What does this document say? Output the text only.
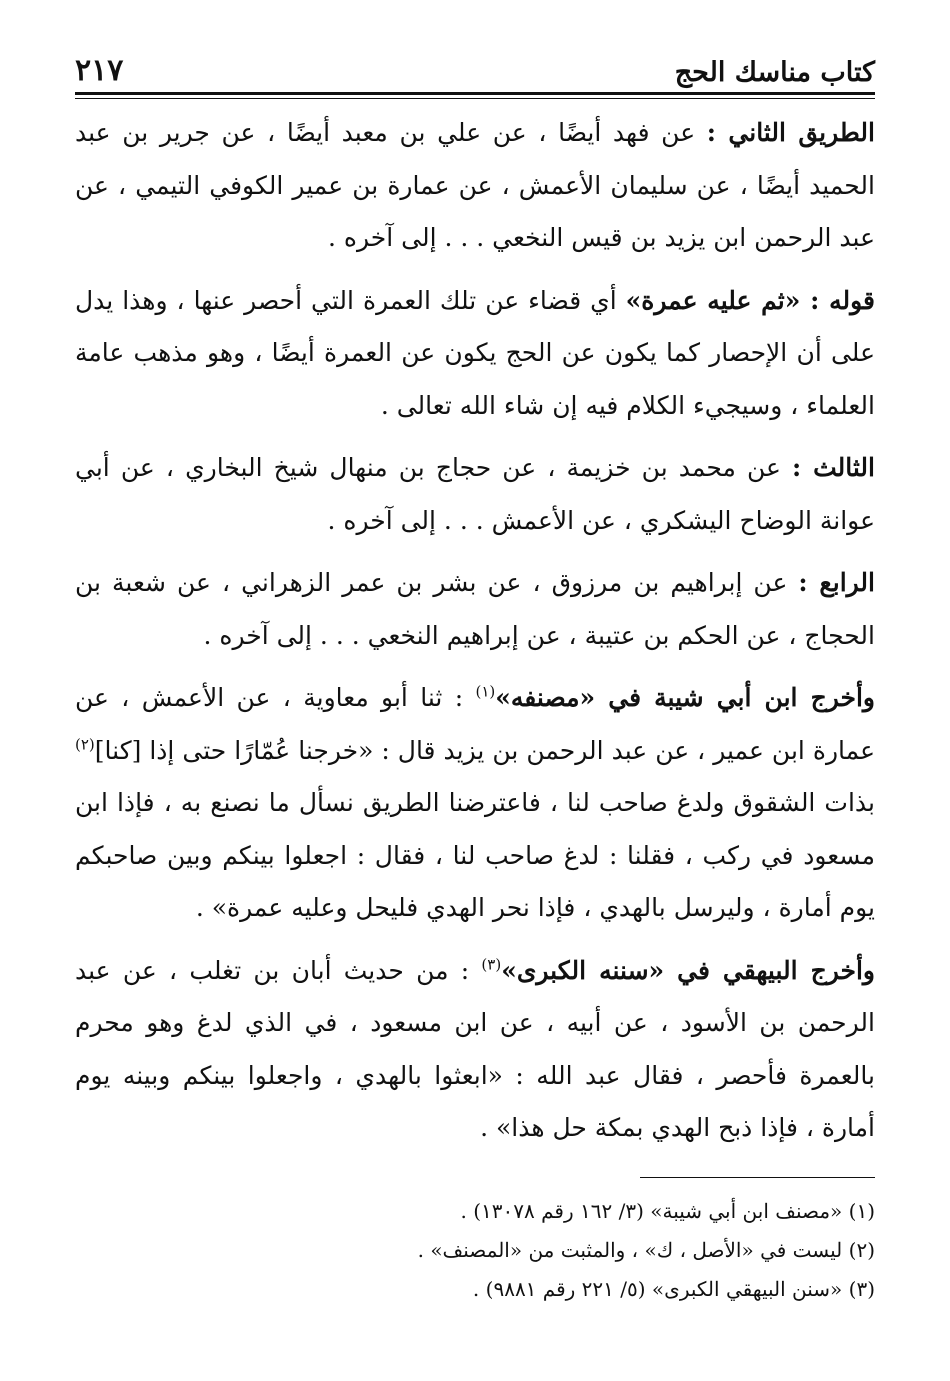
كتاب مناسك الحج
٢١٧

الطريق الثاني : عن فهد أيضًا ، عن علي بن معبد أيضًا ، عن جرير بن عبد الحميد أيضًا ، عن سليمان الأعمش ، عن عمارة بن عمير الكوفي التيمي ، عن عبد الرحمن ابن يزيد بن قيس النخعي . . . إلى آخره .

قوله : «ثم عليه عمرة» أي قضاء عن تلك العمرة التي أحصر عنها ، وهذا يدل على أن الإحصار كما يكون عن الحج يكون عن العمرة أيضًا ، وهو مذهب عامة العلماء ، وسيجيء الكلام فيه إن شاء الله تعالى .

الثالث : عن محمد بن خزيمة ، عن حجاج بن منهال شيخ البخاري ، عن أبي عوانة الوضاح اليشكري ، عن الأعمش . . . إلى آخره .

الرابع : عن إبراهيم بن مرزوق ، عن بشر بن عمر الزهراني ، عن شعبة بن الحجاج ، عن الحكم بن عتيبة ، عن إبراهيم النخعي . . . إلى آخره .

وأخرج ابن أبي شيبة في «مصنفه»$^{(١)}$ : ثنا أبو معاوية ، عن الأعمش ، عن عمارة ابن عمير ، عن عبد الرحمن بن يزيد قال : «خرجنا عُمّارًا حتى إذا [كنا]$^{(٢)}$ بذات الشقوق ولدغ صاحب لنا ، فاعترضنا الطريق نسأل ما نصنع به ، فإذا ابن مسعود في ركب ، فقلنا : لدغ صاحب لنا ، فقال : اجعلوا بينكم وبين صاحبكم يوم أمارة ، وليرسل بالهدي ، فإذا نحر الهدي فليحل وعليه عمرة» .

وأخرج البيهقي في «سننه الكبرى»$^{(٣)}$ : من حديث أبان بن تغلب ، عن عبد الرحمن بن الأسود ، عن أبيه ، عن ابن مسعود ، في الذي لدغ وهو محرم بالعمرة فأحصر ، فقال عبد الله : «ابعثوا بالهدي ، واجعلوا بينكم وبينه يوم أمارة ، فإذا ذبح الهدي بمكة حل هذا» .

(١) «مصنف ابن أبي شيبة» (٣/ ١٦٢ رقم ١٣٠٧٨) .

(٢) ليست في «الأصل ، ك» ، والمثبت من «المصنف» .

(٣) «سنن البيهقي الكبرى» (٥/ ٢٢١ رقم ٩٨٨١) .
